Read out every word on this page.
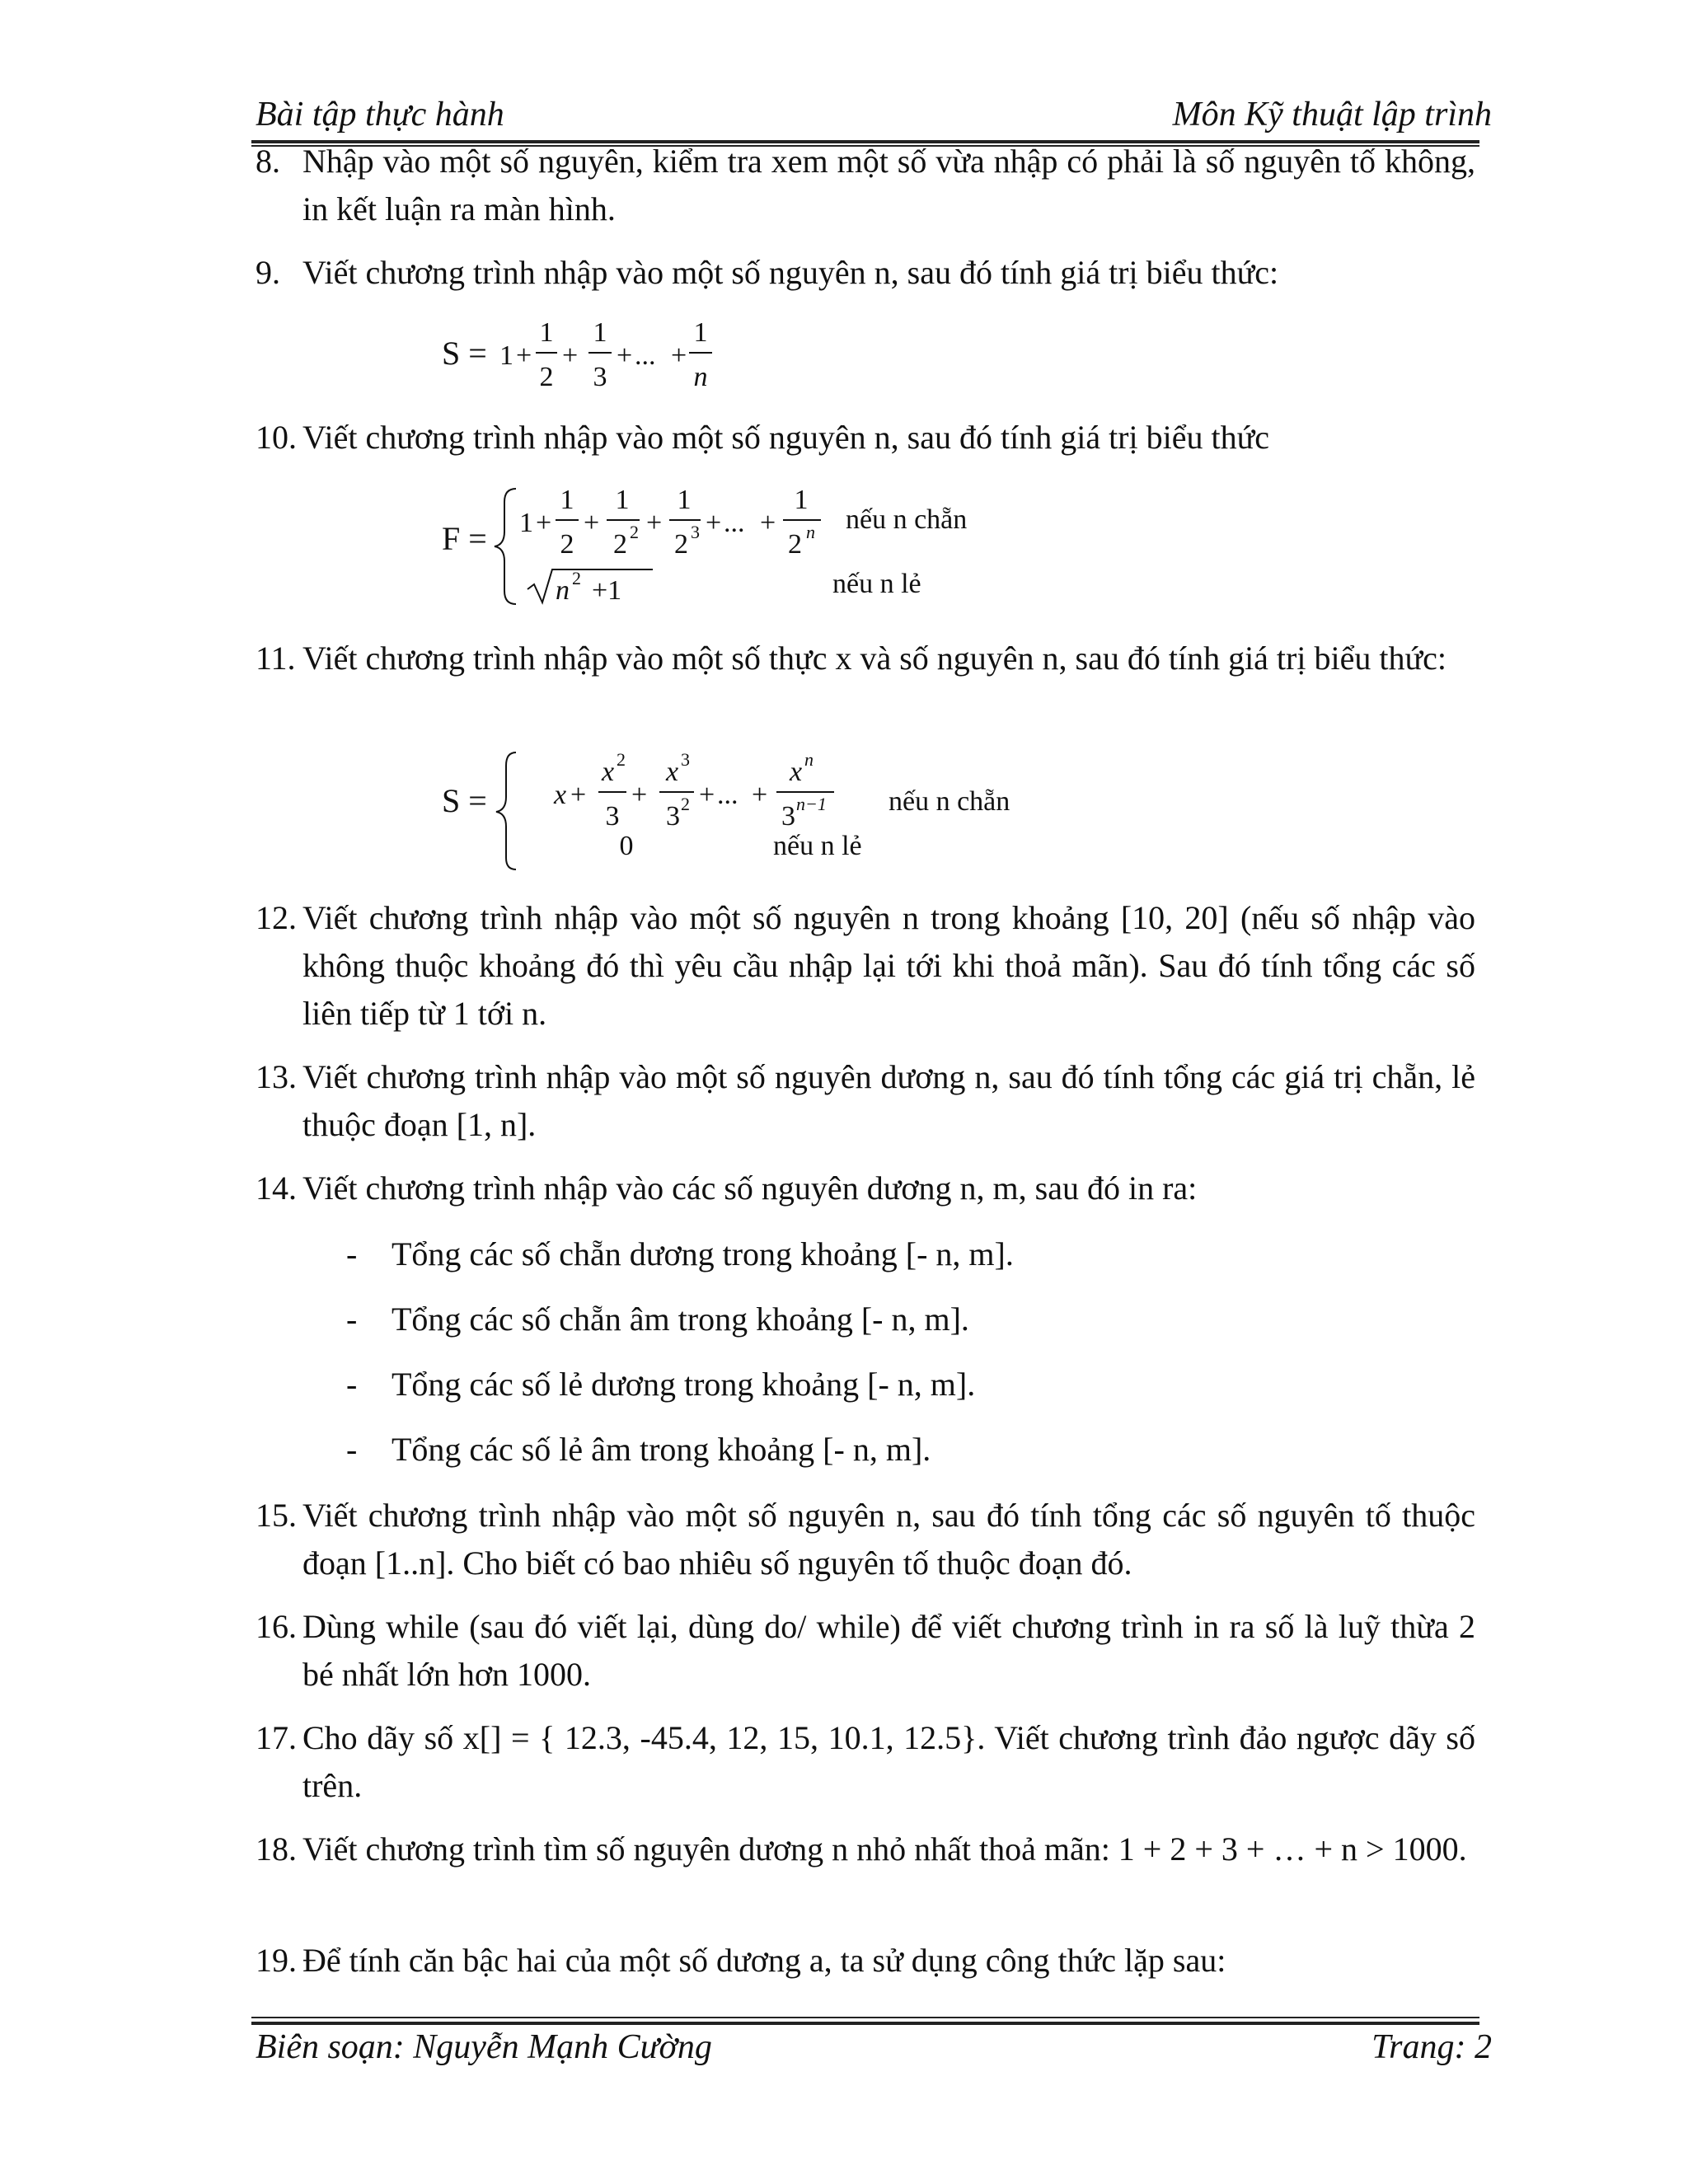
Bài tập thực hành	Môn Kỹ thuật lập trình
8. Nhập vào một số nguyên, kiểm tra xem một số vừa nhập có phải là số nguyên tố không, in kết luận ra màn hình.
9. Viết chương trình nhập vào một số nguyên n, sau đó tính giá trị biểu thức:
S = 1 +
1
2
+
1
3
+ ... +
1
n
10. Viết chương trình nhập vào một số nguyên n, sau đó tính giá trị biểu thức
F = 1 +
1
2
+
1
2 2 +
1
2 3 + ... +
1
2 n nếu n chẵn
n 2 +1	nếu n lẻ
11. Viết chương trình nhập vào một số thực x và số nguyên n, sau đó tính giá trị biểu thức:
S = x +
x 2
3
+
x 3
3 2 + ... +
x n
3 n−1 nếu n chẵn
0	nếu n lẻ
12. Viết chương trình nhập vào một số nguyên n trong khoảng [10, 20] (nếu số nhập vào không thuộc khoảng đó thì yêu cầu nhập lại tới khi thoả mãn). Sau đó tính tổng các số liên tiếp từ 1 tới n.
13. Viết chương trình nhập vào một số nguyên dương n, sau đó tính tổng các giá trị chẵn, lẻ thuộc đoạn [1, n].
14. Viết chương trình nhập vào các số nguyên dương n, m, sau đó in ra:
- Tổng các số chẵn dương trong khoảng [- n, m].
- Tổng các số chẵn âm trong khoảng [- n, m].
- Tổng các số lẻ dương trong khoảng [- n, m].
- Tổng các số lẻ âm trong khoảng [- n, m].
15. Viết chương trình nhập vào một số nguyên n, sau đó tính tổng các số nguyên tố thuộc đoạn [1..n]. Cho biết có bao nhiêu số nguyên tố thuộc đoạn đó.
16. Dùng while (sau đó viết lại, dùng do/ while) để viết chương trình in ra số là luỹ thừa 2 bé nhất lớn hơn 1000.
17. Cho dãy số x[] = { 12.3, -45.4, 12, 15, 10.1, 12.5}. Viết chương trình đảo ngược dãy số trên.
18. Viết chương trình tìm số nguyên dương n nhỏ nhất thoả mãn: 1 + 2 + 3 + … + n > 1000.
19. Để tính căn bậc hai của một số dương a, ta sử dụng công thức lặp sau:
Biên soạn: Nguyễn Mạnh Cường	Trang: 2
